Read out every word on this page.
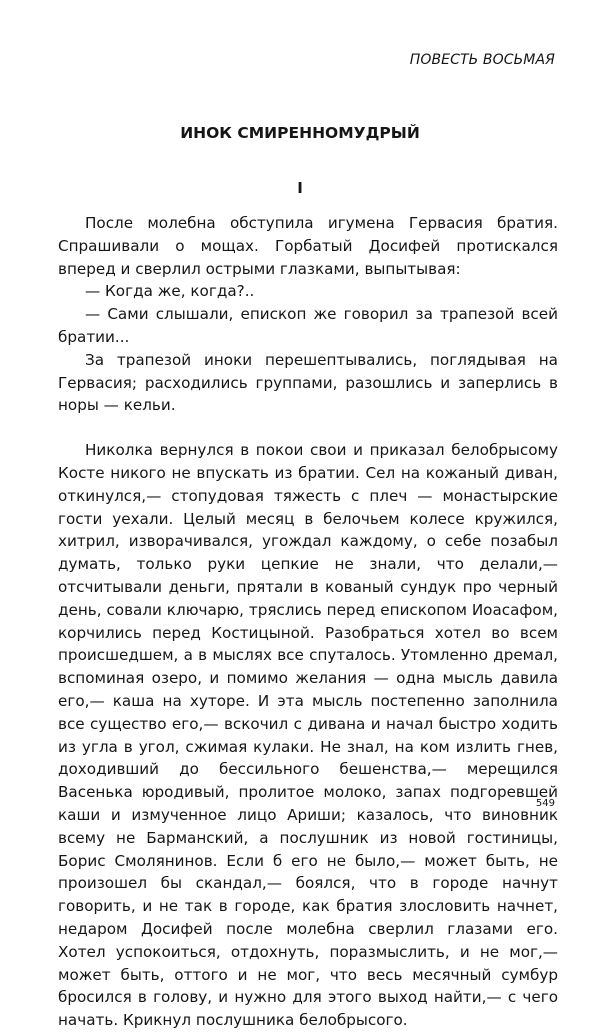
ПОВЕСТЬ ВОСЬМАЯ
ИНОК СМИРЕННОМУДРЫЙ
I

После молебна обступила игумена Гервасия братия. Спрашивали о мощах. Горбатый Досифей протискался вперед и сверлил острыми глазками, выпытывая:

— Когда же, когда?..

— Сами слышали, епископ же говорил за трапезой всей братии...

За трапезой иноки перешептывались, поглядывая на Гервасия; расходились группами, разошлись и заперлись в норы — кельи.

Николка вернулся в покои свои и приказал белобрысому Косте никого не впускать из братии. Сел на кожаный диван, откинулся,— стопудовая тяжесть с плеч — монастырские гости уехали. Целый месяц в белочьем колесе кружился, хитрил, изворачивался, угождал каждому, о себе позабыл думать, только руки цепкие не знали, что делали,— отсчитывали деньги, прятали в кованый сундук про черный день, совали ключарю, тряслись перед епископом Иоасафом, корчились перед Костицыной. Разобраться хотел во всем происшедшем, а в мыслях все спуталось. Утомленно дремал, вспоминая озеро, и помимо желания — одна мысль давила его,— каша на хуторе. И эта мысль постепенно заполнила все существо его,— вскочил с дивана и начал быстро ходить из угла в угол, сжимая кулаки. Не знал, на ком излить гнев, доходивший до бессильного бешенства,— мерещился Васенька юродивый, пролитое молоко, запах подгоревшей каши и измученное лицо Ариши; казалось, что виновник всему не Барманский, а послушник из новой гостиницы, Борис Смолянинов. Если б его не было,— может быть, не произошел бы скандал,— боялся, что в городе начнут говорить, и не так в городе, как братия злословить начнет, недаром Досифей после молебна сверлил глазами его. Хотел успокоиться, отдохнуть, поразмыслить, и не мог,— может быть, оттого и не мог, что весь месячный сумбур бросился в голову, и нужно для этого выход найти,— с чего начать. Крикнул послушника белобрысого.

549
